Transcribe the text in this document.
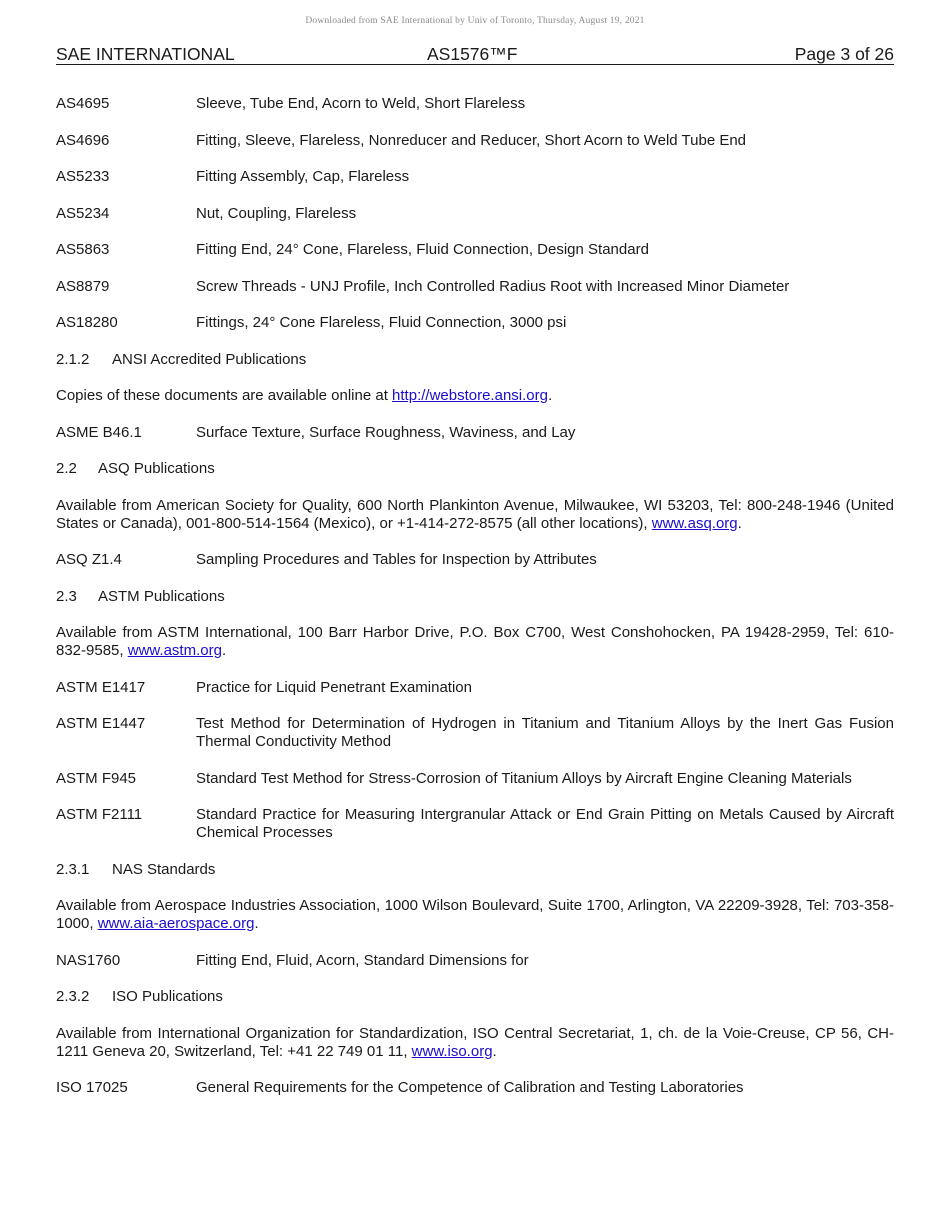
Downloaded from SAE International by Univ of Toronto, Thursday, August 19, 2021
SAE INTERNATIONAL	AS1576™F	Page 3 of 26
AS4695	Sleeve, Tube End, Acorn to Weld, Short Flareless
AS4696	Fitting, Sleeve, Flareless, Nonreducer and Reducer, Short Acorn to Weld Tube End
AS5233	Fitting Assembly, Cap, Flareless
AS5234	Nut, Coupling, Flareless
AS5863	Fitting End, 24° Cone, Flareless, Fluid Connection, Design Standard
AS8879	Screw Threads - UNJ Profile, Inch Controlled Radius Root with Increased Minor Diameter
AS18280	Fittings, 24° Cone Flareless, Fluid Connection, 3000 psi
2.1.2	ANSI Accredited Publications
Copies of these documents are available online at http://webstore.ansi.org.
ASME B46.1	Surface Texture, Surface Roughness, Waviness, and Lay
2.2	ASQ Publications
Available from American Society for Quality, 600 North Plankinton Avenue, Milwaukee, WI 53203, Tel: 800-248-1946 (United States or Canada), 001-800-514-1564 (Mexico), or +1-414-272-8575 (all other locations), www.asq.org.
ASQ Z1.4	Sampling Procedures and Tables for Inspection by Attributes
2.3	ASTM Publications
Available from ASTM International, 100 Barr Harbor Drive, P.O. Box C700, West Conshohocken, PA 19428-2959, Tel: 610-832-9585, www.astm.org.
ASTM E1417	Practice for Liquid Penetrant Examination
ASTM E1447	Test Method for Determination of Hydrogen in Titanium and Titanium Alloys by the Inert Gas Fusion Thermal Conductivity Method
ASTM F945	Standard Test Method for Stress-Corrosion of Titanium Alloys by Aircraft Engine Cleaning Materials
ASTM F2111	Standard Practice for Measuring Intergranular Attack or End Grain Pitting on Metals Caused by Aircraft Chemical Processes
2.3.1	NAS Standards
Available from Aerospace Industries Association, 1000 Wilson Boulevard, Suite 1700, Arlington, VA 22209-3928, Tel: 703-358-1000, www.aia-aerospace.org.
NAS1760	Fitting End, Fluid, Acorn, Standard Dimensions for
2.3.2	ISO Publications
Available from International Organization for Standardization, ISO Central Secretariat, 1, ch. de la Voie-Creuse, CP 56, CH-1211 Geneva 20, Switzerland, Tel: +41 22 749 01 11, www.iso.org.
ISO 17025	General Requirements for the Competence of Calibration and Testing Laboratories
